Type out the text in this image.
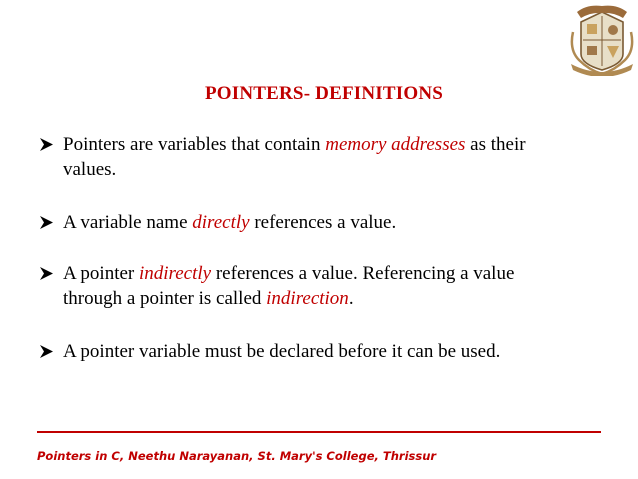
POINTERS- DEFINITIONS
Pointers are variables that contain memory addresses as their
values.
A variable name directly references a value.
A pointer indirectly references a value. Referencing a value
through a pointer is called indirection.
A pointer variable must be declared before it can be used.
Pointers in C, Neethu Narayanan, St. Mary's College, Thrissur
